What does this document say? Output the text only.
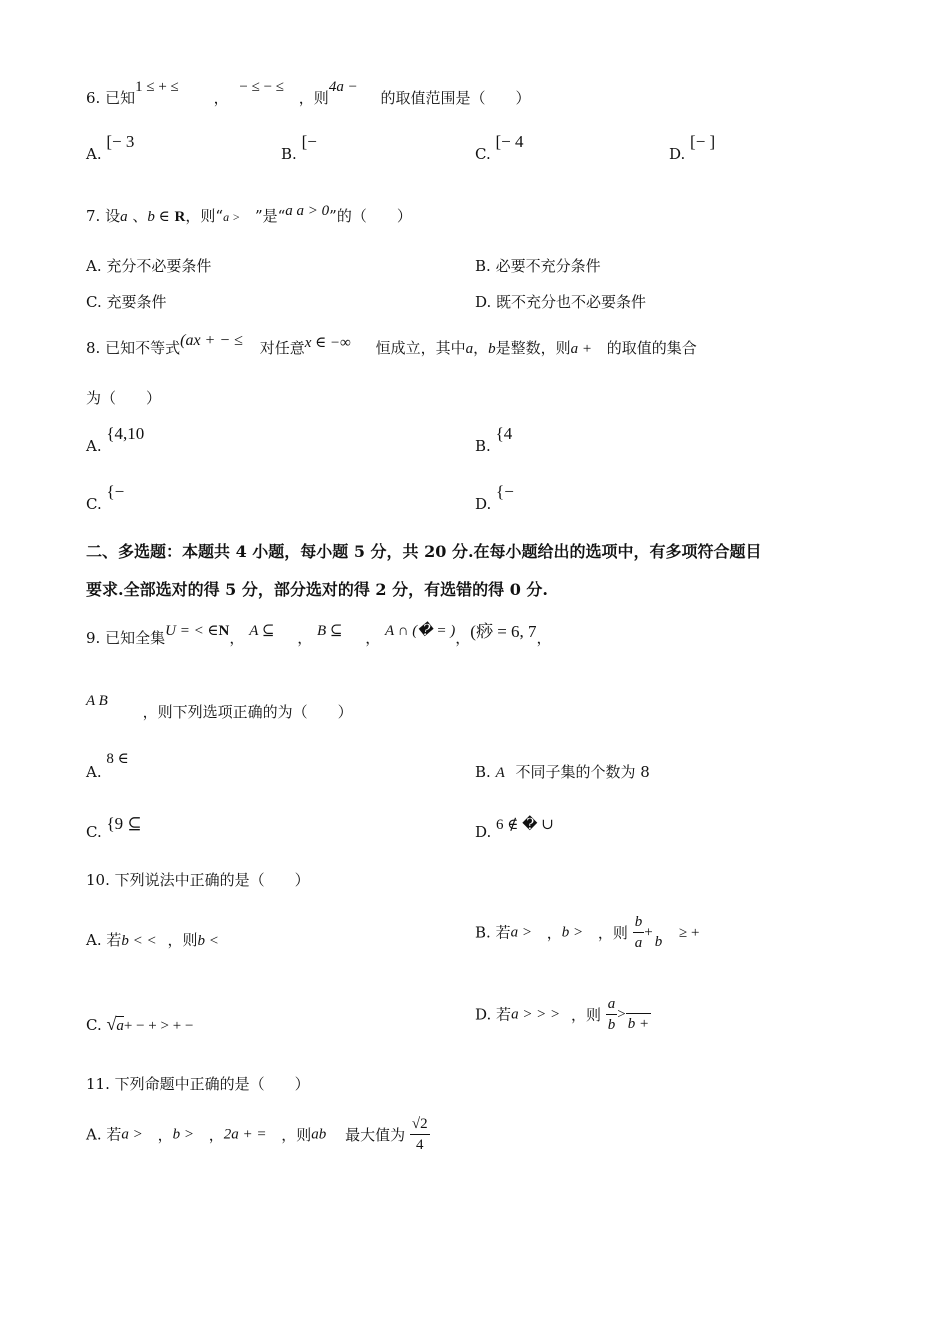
6. 已知1 ≤ + ≤ ， − ≤ − ≤ ，则4a − 的取值范围是（　　）
A. [− 3
B. [−
C. [− 4
D. [− ]
7. 设a 、b ∈ R，则“a > ”是“a a > 0”的（　　）
A. 充分不必要条件	B. 必要不充分条件
C. 充要条件	D. 既不充分也不必要条件
8. 已知不等式(ax + − ≤ 对任意x ∈ −∞ 恒成立，其中a，b是整数，则a + 的取值的集合
为（　　）
A. {4,10
B. {4
C. {−
D. {−
二、多选题：本题共 4 小题，每小题 5 分，共 20 分.在每小题给出的选项中，有多项符合题目
要求.全部选对的得 5 分，部分选对的得 2 分，有选错的得 0 分.
9. 已知全集U = < ∈N， A ⊆ ， B ⊆ ， A ∩ (� = )，(痧 = 6, 7，
A B ，则下列选项正确的为（　　）
A. 8 ∈
B. A 不同子集的个数为 8
C. {9 ⊆	D. 6 ∉ � ∪
10. 下列说法中正确的是（　　）
A. 若b < < ，则b <	B. 若a > ，b > ，则 $\frac{b}{a}$ +
b
≥ +
C. √a+ − + > + −
D. 若a > > > ，则 $\frac{a}{b}$ >
b +
11. 下列命题中正确的是（　　）
A. 若a > ，b > ，2a + = ，则ab 最大值为 $\frac{√2}{4}$
